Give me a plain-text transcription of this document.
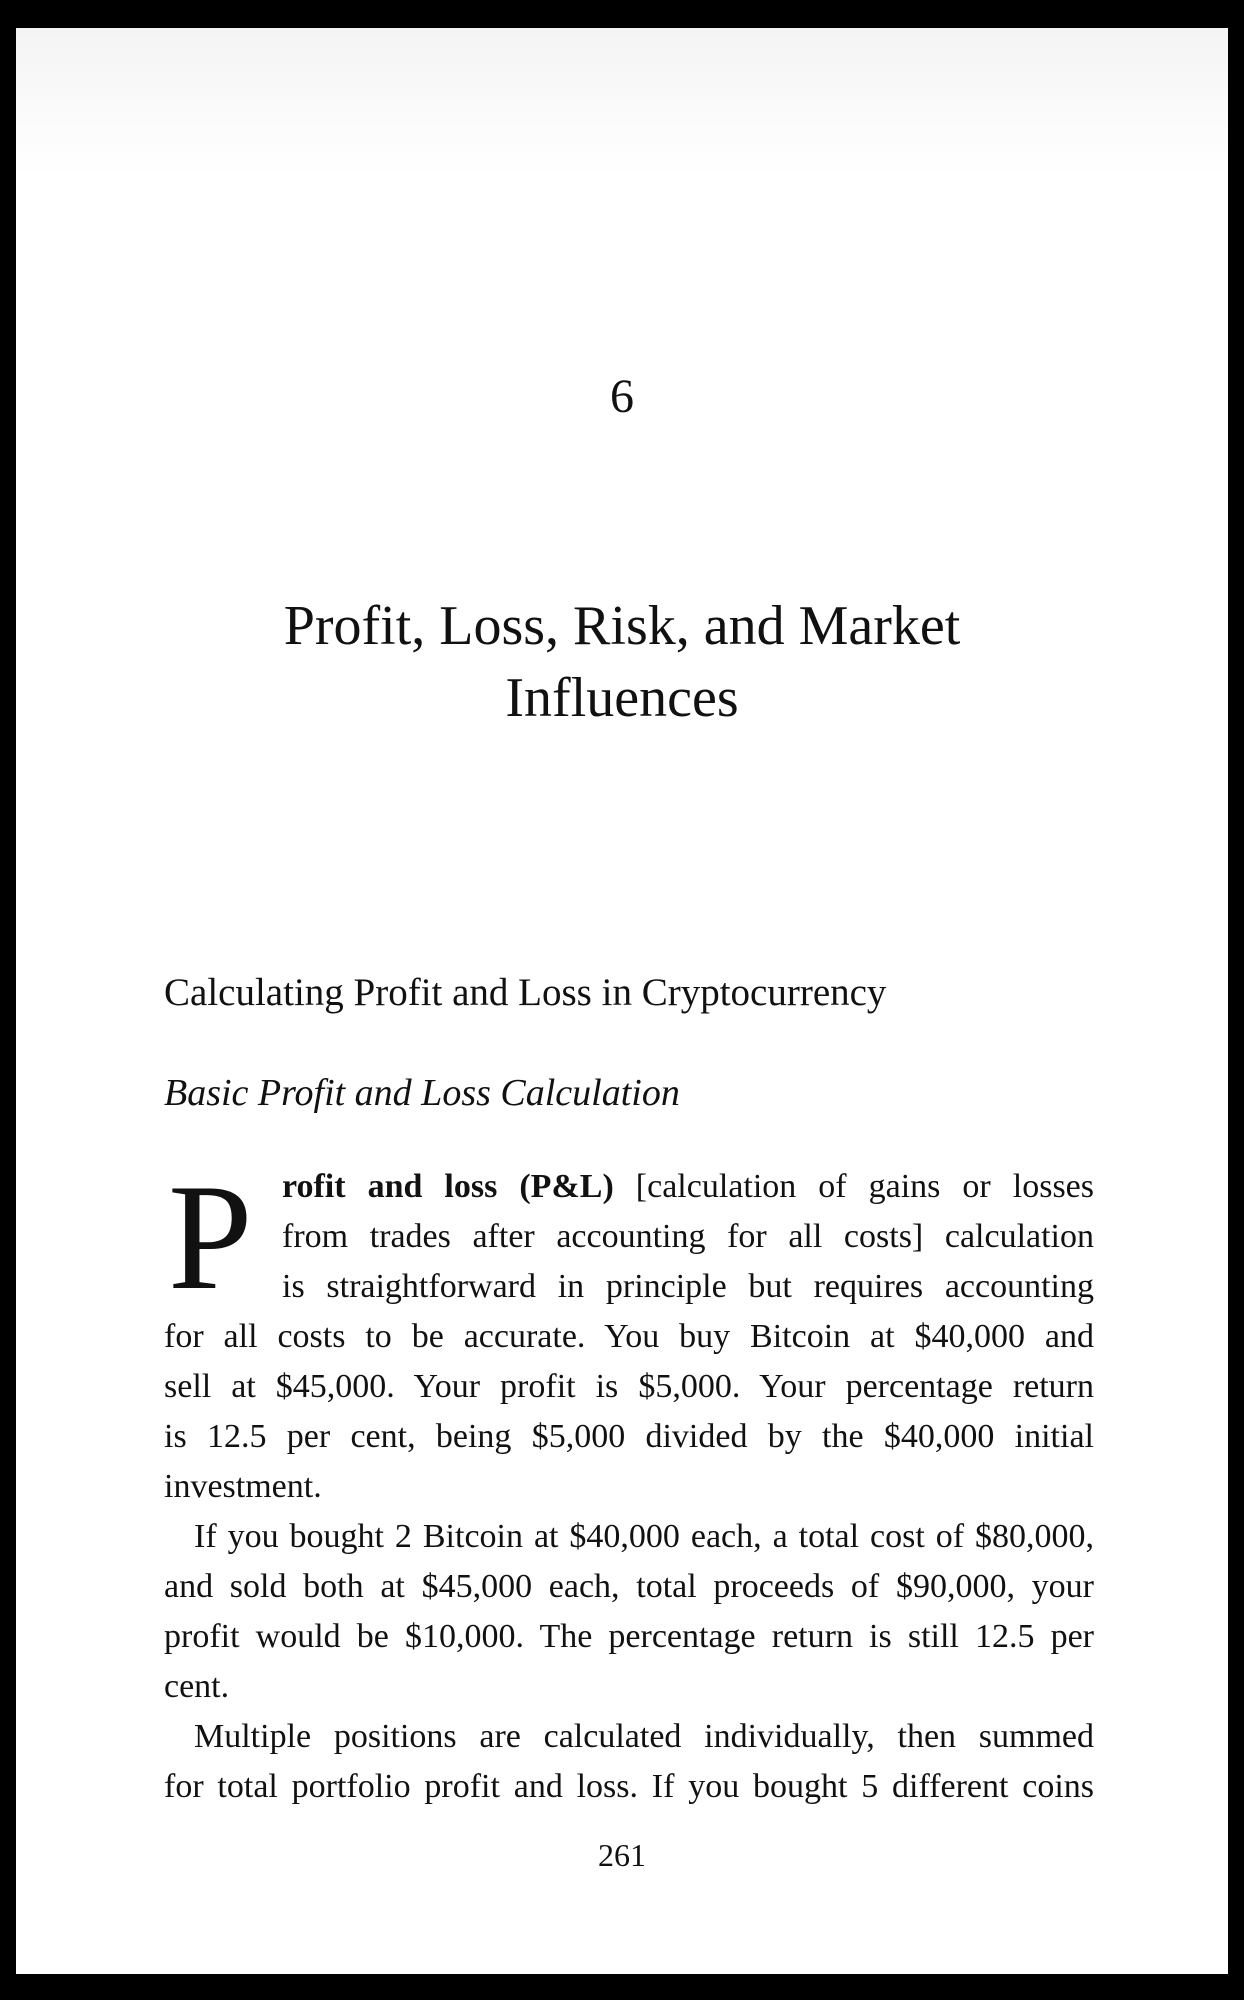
6
Profit, Loss, Risk, and Market
Influences
Calculating Profit and Loss in Cryptocurrency
Basic Profit and Loss Calculation
P rofit and loss (P&L) [calculation of gains or losses
from trades after accounting for all costs] calculation
is straightforward in principle but requires accounting
for all costs to be accurate. You buy Bitcoin at $40,000 and
sell at $45,000. Your profit is $5,000. Your percentage return
is 12.5 per cent, being $5,000 divided by the $40,000 initial
investment.
If you bought 2 Bitcoin at $40,000 each, a total cost of $80,000,
and sold both at $45,000 each, total proceeds of $90,000, your
profit would be $10,000. The percentage return is still 12.5 per
cent.
Multiple positions are calculated individually, then summed
for total portfolio profit and loss. If you bought 5 different coins
261
